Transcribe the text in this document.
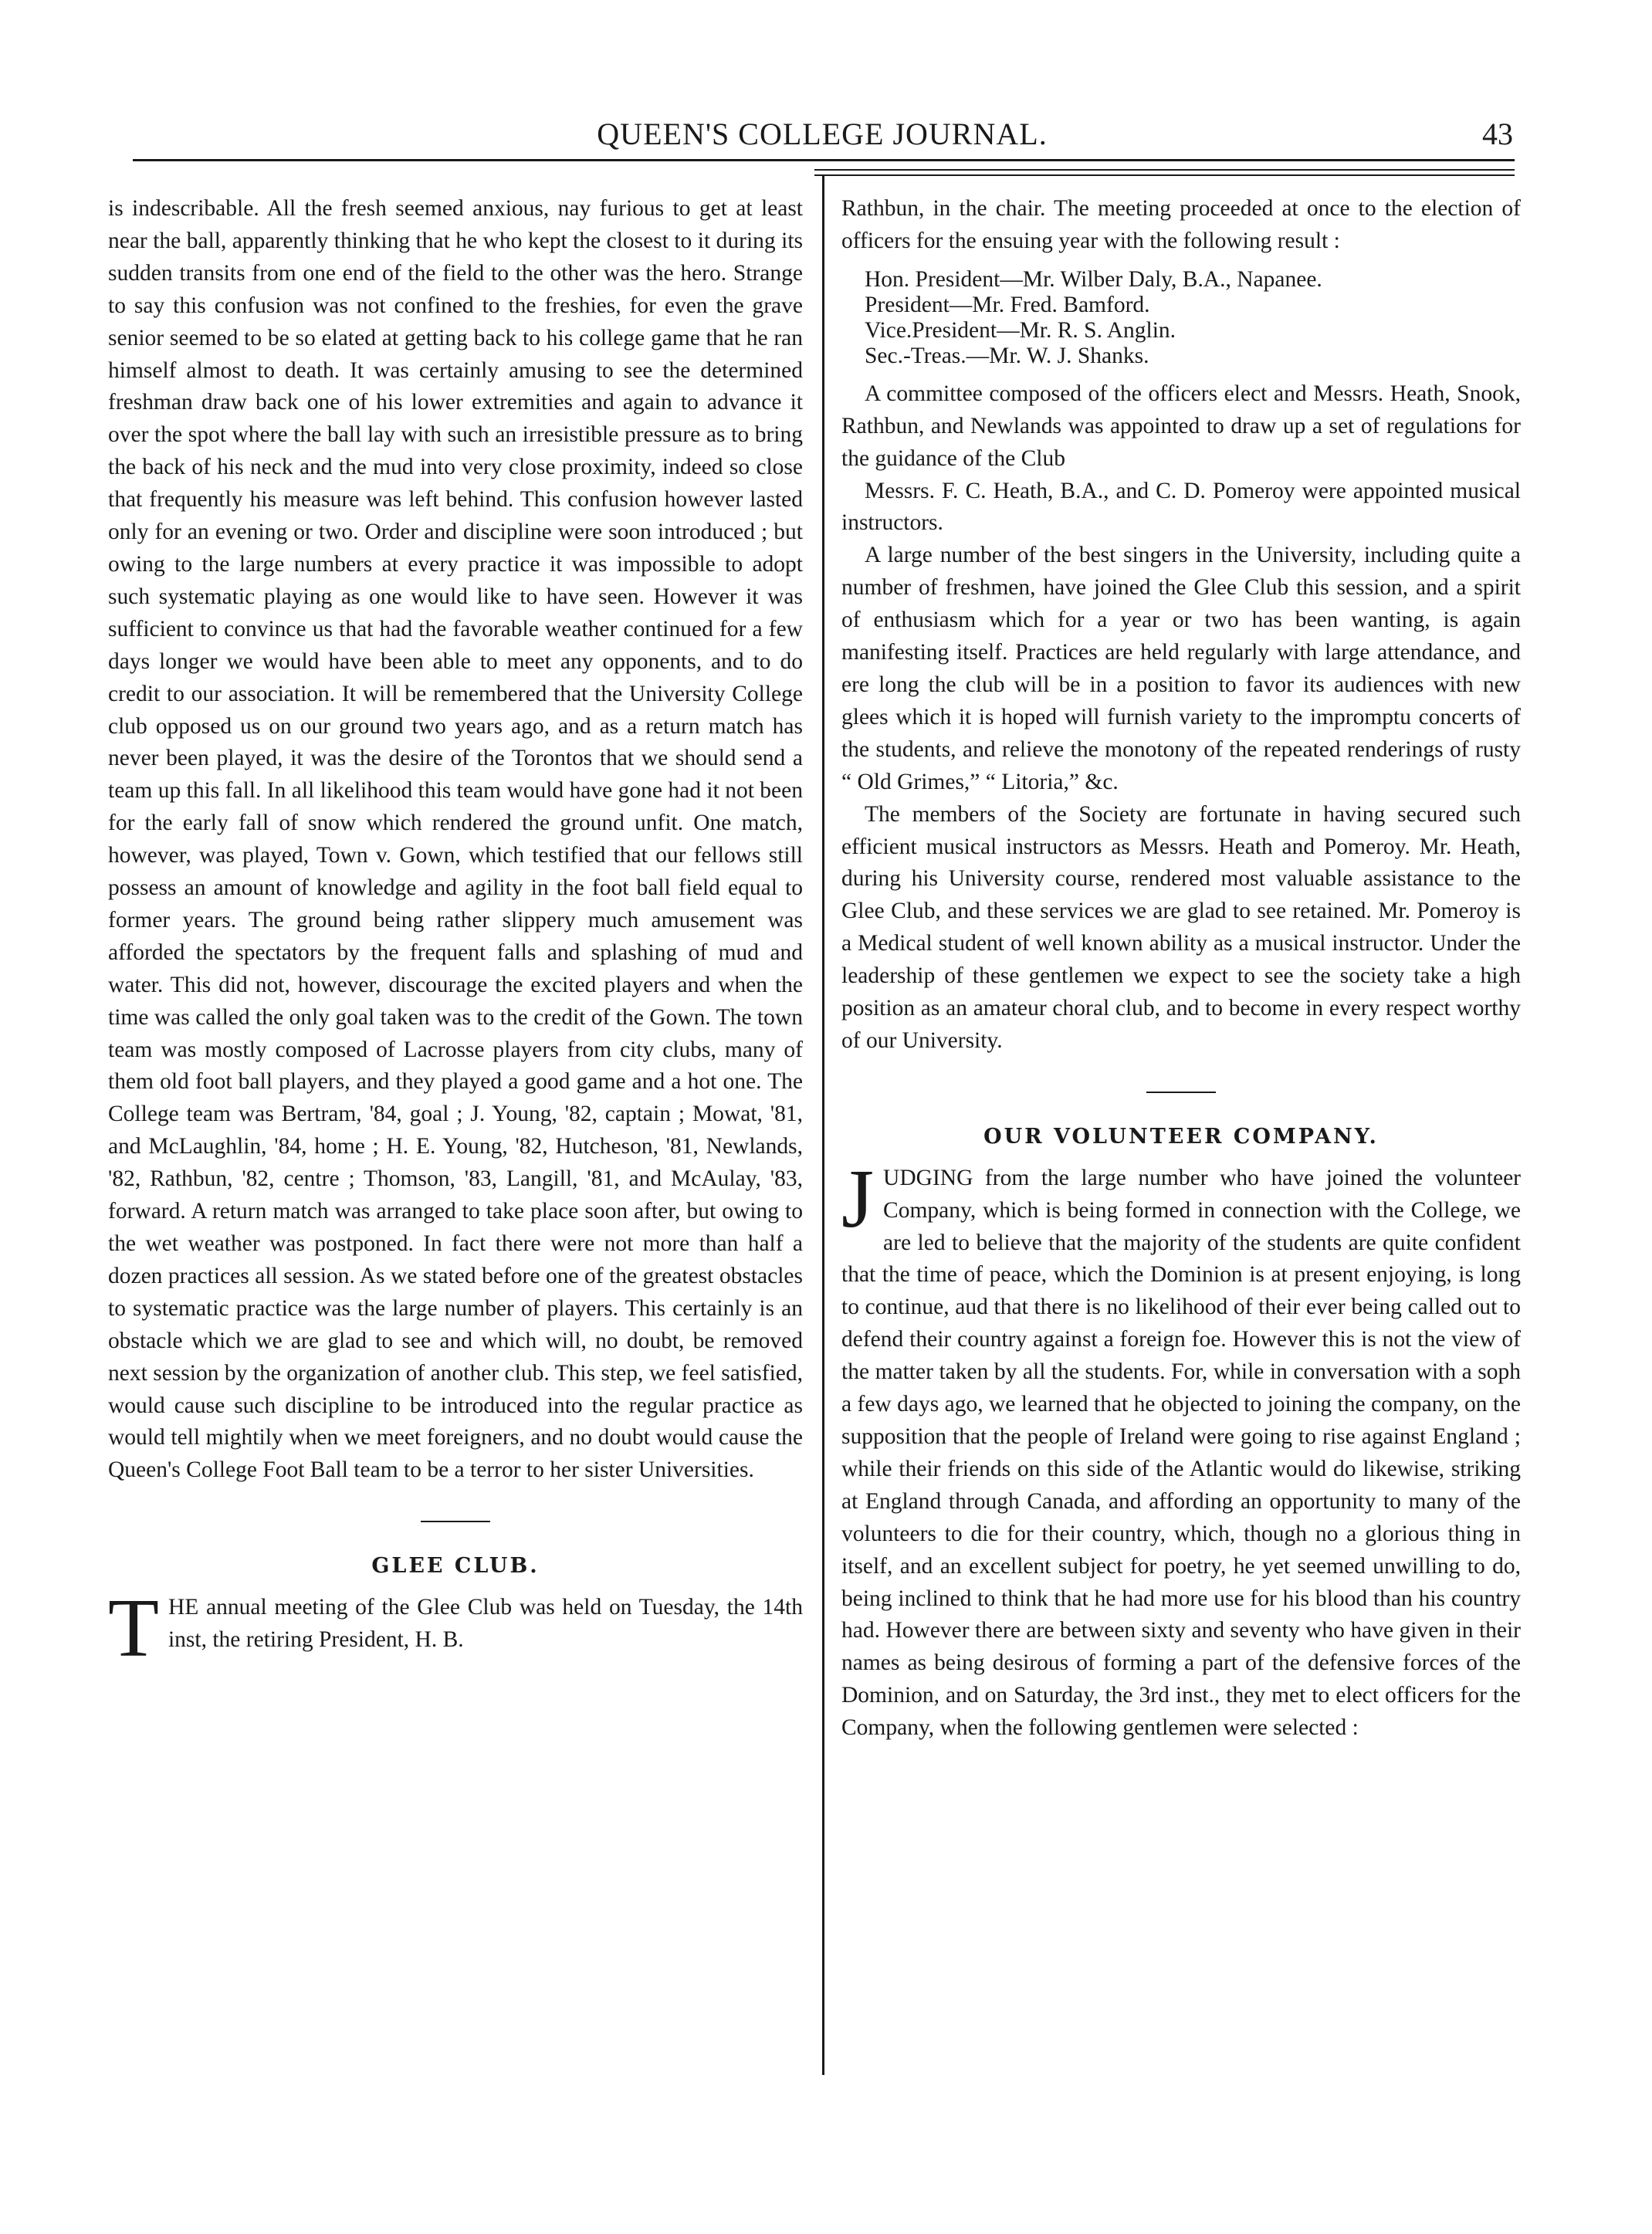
QUEEN'S COLLEGE JOURNAL.	43

is indescribable. All the fresh seemed anxious, nay furious to get at least near the ball, apparently thinking that he who kept the closest to it during its sudden transits from one end of the field to the other was the hero. Strange to say this confusion was not confined to the freshies, for even the grave senior seemed to be so elated at getting back to his college game that he ran himself almost to death. It was certainly amusing to see the determined freshman draw back one of his lower extremities and again to advance it over the spot where the ball lay with such an irresistible pressure as to bring the back of his neck and the mud into very close proximity, indeed so close that frequently his measure was left behind. This confusion however lasted only for an evening or two. Order and discipline were soon introduced ; but owing to the large numbers at every practice it was impossible to adopt such systematic playing as one would like to have seen. However it was sufficient to convince us that had the favorable weather continued for a few days longer we would have been able to meet any opponents, and to do credit to our association. It will be remembered that the University College club opposed us on our ground two years ago, and as a return match has never been played, it was the desire of the Torontos that we should send a team up this fall. In all likelihood this team would have gone had it not been for the early fall of snow which rendered the ground unfit. One match, however, was played, Town v. Gown, which testified that our fellows still possess an amount of knowledge and agility in the foot ball field equal to former years. The ground being rather slippery much amusement was afforded the spectators by the frequent falls and splashing of mud and water. This did not, however, discourage the excited players and when the time was called the only goal taken was to the credit of the Gown. The town team was mostly composed of Lacrosse players from city clubs, many of them old foot ball players, and they played a good game and a hot one. The College team was Bertram, '84, goal ; J. Young, '82, captain ; Mowat, '81, and McLaughlin, '84, home ; H. E. Young, '82, Hutcheson, '81, Newlands, '82, Rathbun, '82, centre ; Thomson, '83, Langill, '81, and McAulay, '83, forward. A return match was arranged to take place soon after, but owing to the wet weather was postponed. In fact there were not more than half a dozen practices all session. As we stated before one of the greatest obstacles to systematic practice was the large number of players. This certainly is an obstacle which we are glad to see and which will, no doubt, be removed next session by the organization of another club. This step, we feel satisfied, would cause such discipline to be introduced into the regular practice as would tell mightily when we meet foreigners, and no doubt would cause the Queen's College Foot Ball team to be a terror to her sister Universities.

GLEE CLUB.

THE annual meeting of the Glee Club was held on Tuesday, the 14th inst, the retiring President, H. B.

Rathbun, in the chair. The meeting proceeded at once to the election of officers for the ensuing year with the following result :

Hon. President—Mr. Wilber Daly, B.A., Napanee.
President—Mr. Fred. Bamford.
Vice.President—Mr. R. S. Anglin.
Sec.-Treas.—Mr. W. J. Shanks.

A committee composed of the officers elect and Messrs. Heath, Snook, Rathbun, and Newlands was appointed to draw up a set of regulations for the guidance of the Club

Messrs. F. C. Heath, B.A., and C. D. Pomeroy were appointed musical instructors.

A large number of the best singers in the University, including quite a number of freshmen, have joined the Glee Club this session, and a spirit of enthusiasm which for a year or two has been wanting, is again manifesting itself. Practices are held regularly with large attendance, and ere long the club will be in a position to favor its audiences with new glees which it is hoped will furnish variety to the impromptu concerts of the students, and relieve the monotony of the repeated renderings of rusty “ Old Grimes,” “ Litoria,” &c.

The members of the Society are fortunate in having secured such efficient musical instructors as Messrs. Heath and Pomeroy. Mr. Heath, during his University course, rendered most valuable assistance to the Glee Club, and these services we are glad to see retained. Mr. Pomeroy is a Medical student of well known ability as a musical instructor. Under the leadership of these gentlemen we expect to see the society take a high position as an amateur choral club, and to become in every respect worthy of our University.

OUR VOLUNTEER COMPANY.

JUDGING from the large number who have joined the volunteer Company, which is being formed in connection with the College, we are led to believe that the majority of the students are quite confident that the time of peace, which the Dominion is at present enjoying, is long to continue, aud that there is no likelihood of their ever being called out to defend their country against a foreign foe. However this is not the view of the matter taken by all the students. For, while in conversation with a soph a few days ago, we learned that he objected to joining the company, on the supposition that the people of Ireland were going to rise against England ; while their friends on this side of the Atlantic would do likewise, striking at England through Canada, and affording an opportunity to many of the volunteers to die for their country, which, though no a glorious thing in itself, and an excellent subject for poetry, he yet seemed unwilling to do, being inclined to think that he had more use for his blood than his country had. However there are between sixty and seventy who have given in their names as being desirous of forming a part of the defensive forces of the Dominion, and on Saturday, the 3rd inst., they met to elect officers for the Company, when the following gentlemen were selected :
